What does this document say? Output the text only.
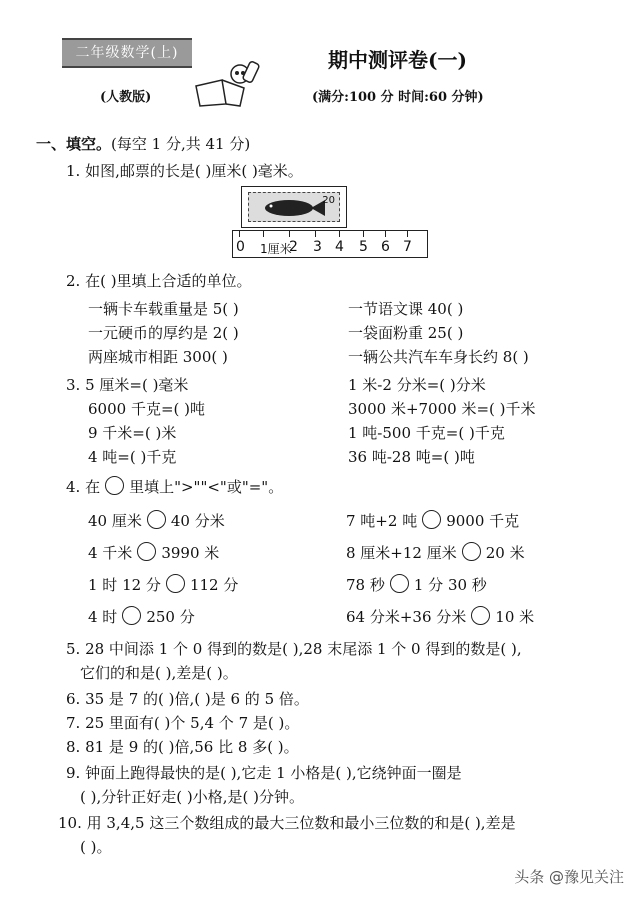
二年级数学(上)
(人教版)
期中测评卷(一)
(满分:100 分 时间:60 分钟)
一、填空。(每空 1 分,共 41 分)
1. 如图,邮票的长是( )厘米( )毫米。
20
0 1厘米
2 3 4 5 6 7
2. 在( )里填上合适的单位。
一辆卡车载重量是 5( )
一元硬币的厚约是 2( )
两座城市相距 300( )
一节语文课 40( )
一袋面粉重 25( )
一辆公共汽车车身长约 8( )
3. 5 厘米=( )毫米
6000 千克=( )吨
9 千米=( )米
4 吨=( )千克
1 米-2 分米=( )分米
3000 米+7000 米=( )千米
1 吨-500 千克=( )千克
36 吨-28 吨=( )吨
4. 在 里填上">""<"或"="。
40 厘米 40 分米
4 千米 3990 米
1 时 12 分 112 分
4 时 250 分
7 吨+2 吨 9000 千克
8 厘米+12 厘米 20 米
78 秒 1 分 30 秒
64 分米+36 分米 10 米
5. 28 中间添 1 个 0 得到的数是( ),28 末尾添 1 个 0 得到的数是( ),
它们的和是( ),差是( )。
6. 35 是 7 的( )倍,( )是 6 的 5 倍。
7. 25 里面有( )个 5,4 个 7 是( )。
8. 81 是 9 的( )倍,56 比 8 多( )。
9. 钟面上跑得最快的是( ),它走 1 小格是( ),它绕钟面一圈是
( ),分针正好走( )小格,是( )分钟。
10. 用 3,4,5 这三个数组成的最大三位数和最小三位数的和是( ),差是
( )。
头条 @豫见关注
